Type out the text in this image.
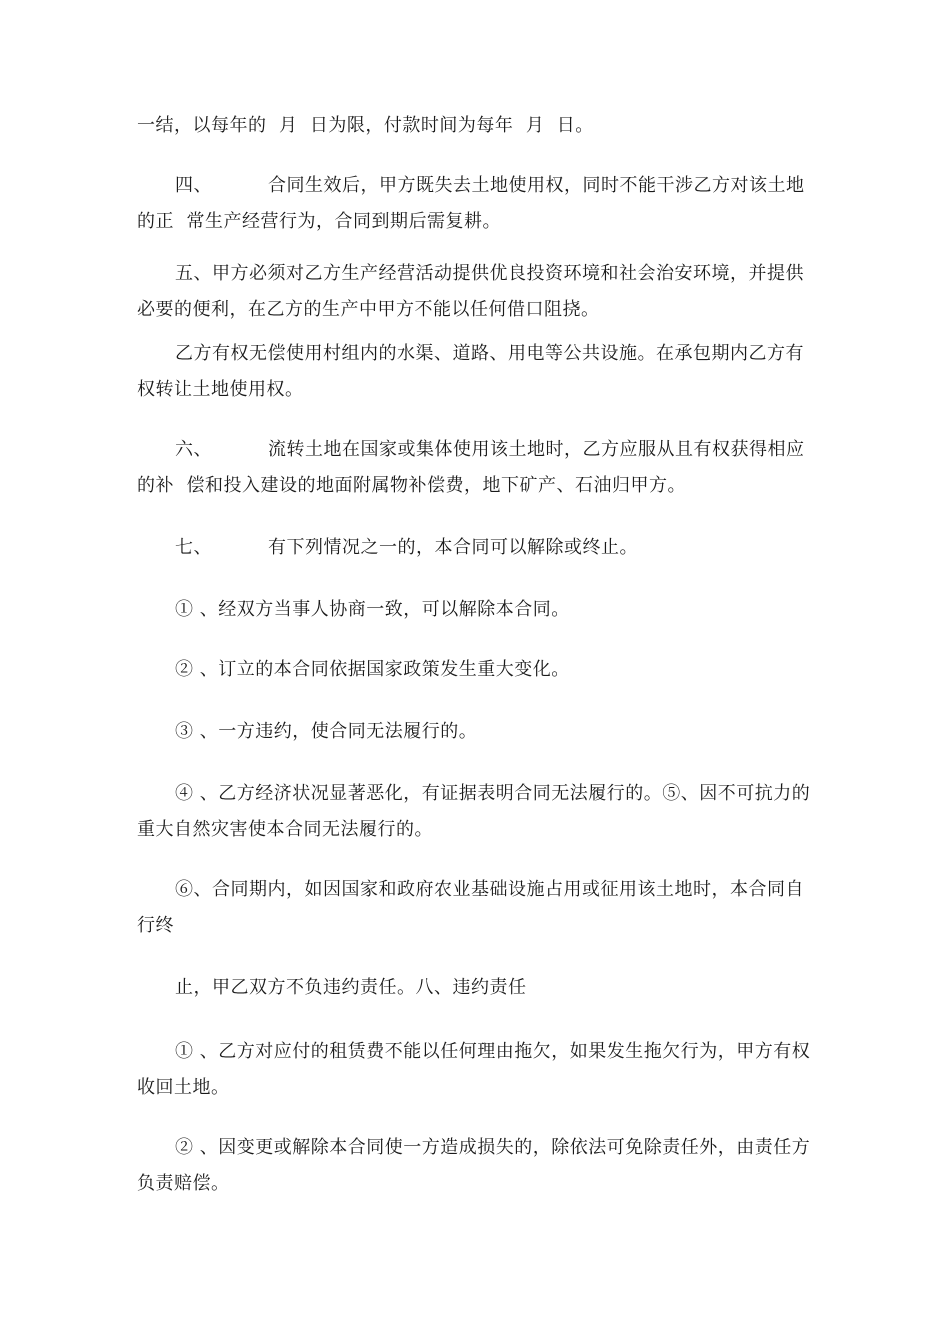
一结，以每年的  月  日为限，付款时间为每年  月  日。

四、         合同生效后，甲方既失去土地使用权，同时不能干涉乙方对该土地的正  常生产经营行为，合同到期后需复耕。

五、甲方必须对乙方生产经营活动提供优良投资环境和社会治安环境，并提供必要的便利，在乙方的生产中甲方不能以任何借口阻挠。

乙方有权无偿使用村组内的水渠、道路、用电等公共设施。在承包期内乙方有权转让土地使用权。

六、         流转土地在国家或集体使用该土地时，乙方应服从且有权获得相应的补  偿和投入建设的地面附属物补偿费，地下矿产、石油归甲方。

七、         有下列情况之一的，本合同可以解除或终止。

① 、经双方当事人协商一致，可以解除本合同。

② 、订立的本合同依据国家政策发生重大变化。

③ 、一方违约，使合同无法履行的。

④ 、乙方经济状况显著恶化，有证据表明合同无法履行的。⑤、因不可抗力的重大自然灾害使本合同无法履行的。

⑥、合同期内，如因国家和政府农业基础设施占用或征用该土地时，本合同自行终

止，甲乙双方不负违约责任。八、违约责任

① 、乙方对应付的租赁费不能以任何理由拖欠，如果发生拖欠行为，甲方有权收回土地。

② 、因变更或解除本合同使一方造成损失的，除依法可免除责任外，由责任方负责赔偿。
